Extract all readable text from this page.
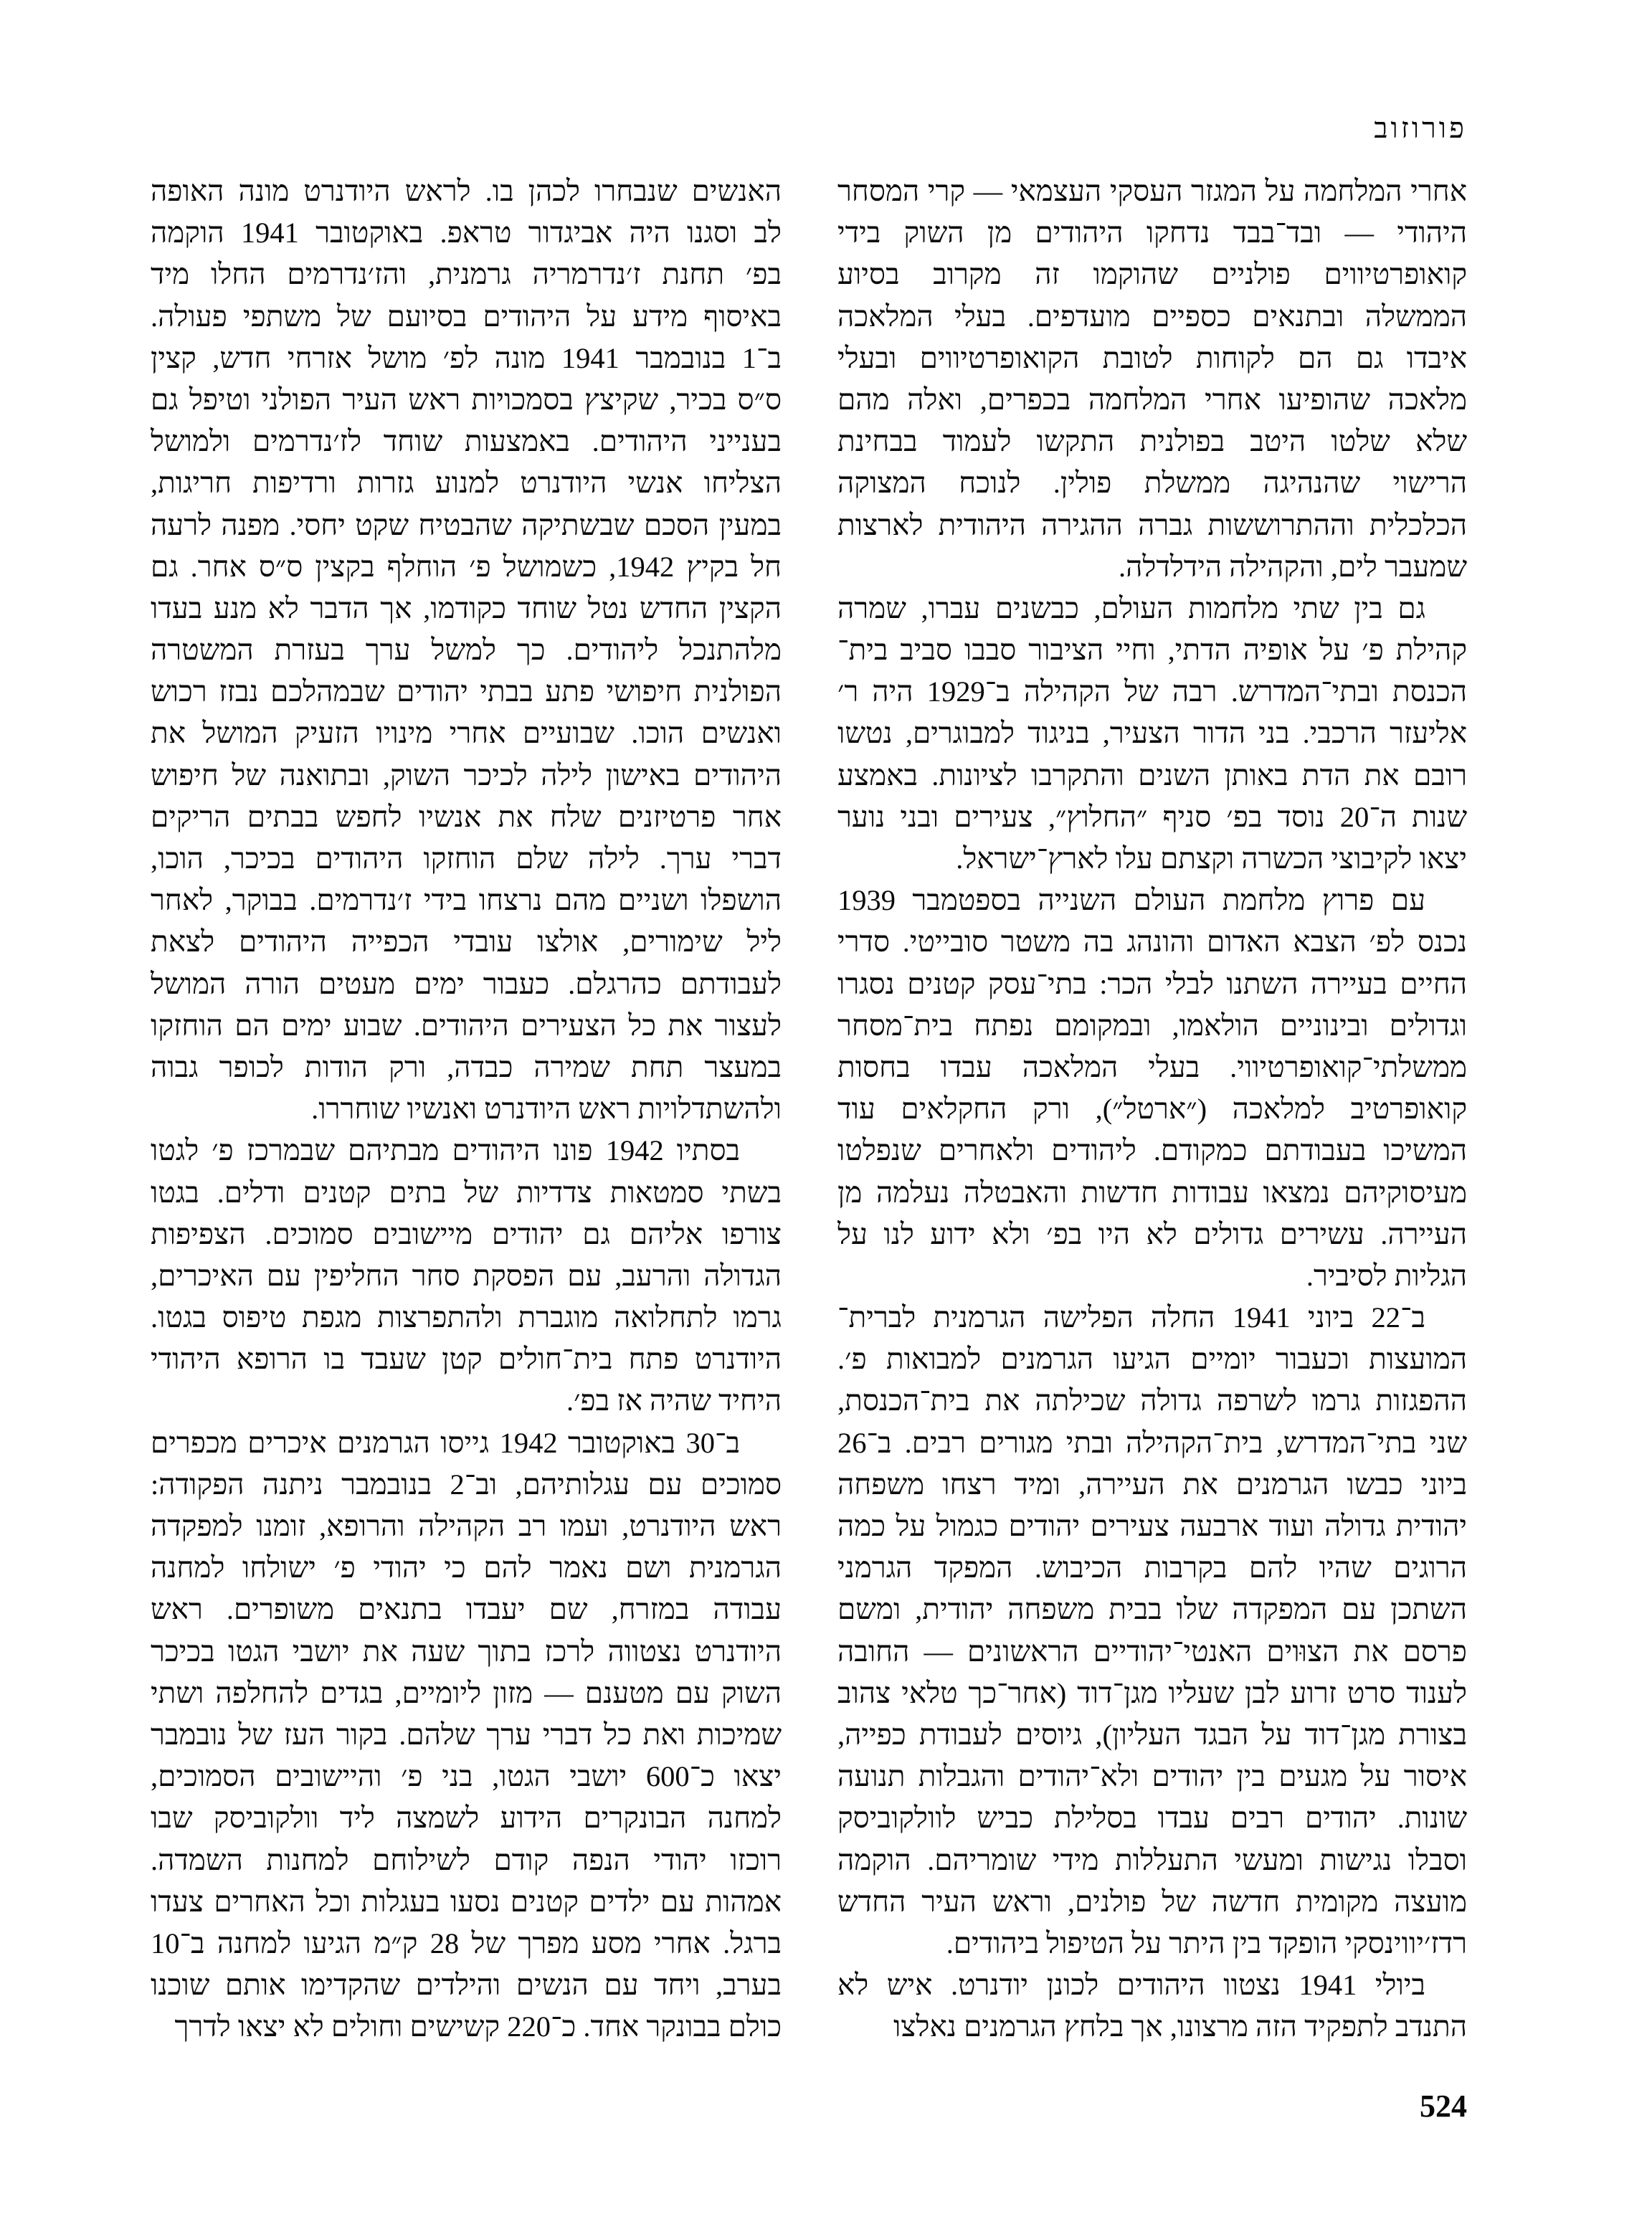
פורוזוב
אחרי המלחמה על המגזר העסקי העצמאי — קרי המסחר
היהודי — ובד־בבד נדחקו היהודים מן השוק בידי
קואופרטיווים פולניים שהוקמו זה מקרוב בסיוע
הממשלה ובתנאים כספיים מועדפים. בעלי המלאכה
איבדו גם הם לקוחות לטובת הקואופרטיווים ובעלי
מלאכה שהופיעו אחרי המלחמה בכפרים, ואלה מהם
שלא שלטו היטב בפולנית התקשו לעמוד בבחינת
הרישוי שהנהיגה ממשלת פולין. לנוכח המצוקה
הכלכלית וההתרוששות גברה ההגירה היהודית לארצות
שמעבר לים, והקהילה הידלדלה.
גם בין שתי מלחמות העולם, כבשנים עברו, שמרה
קהילת פ׳ על אופיה הדתי, וחיי הציבור סבבו סביב בית־
הכנסת ובתי־המדרש. רבה של הקהילה ב־1929 היה ר׳
אליעזר הרכבי. בני הדור הצעיר, בניגוד למבוגרים, נטשו
רובם את הדת באותן השנים והתקרבו לציונות. באמצע
שנות ה־20 נוסד בפ׳ סניף ״החלוץ״, צעירים ובני נוער
יצאו לקיבוצי הכשרה וקצתם עלו לארץ־ישראל.
עם פרוץ מלחמת העולם השנייה בספטמבר 1939
נכנס לפ׳ הצבא האדום והונהג בה משטר סובייטי. סדרי
החיים בעיירה השתנו לבלי הכר: בתי־עסק קטנים נסגרו
וגדולים ובינוניים הולאמו, ובמקומם נפתח בית־מסחר
ממשלתי־קואופרטיווי. בעלי המלאכה עבדו בחסות
קואופרטיב למלאכה (״ארטל״), ורק החקלאים עוד
המשיכו בעבודתם כמקודם. ליהודים ולאחרים שנפלטו
מעיסוקיהם נמצאו עבודות חדשות והאבטלה נעלמה מן
העיירה. עשירים גדולים לא היו בפ׳ ולא ידוע לנו על
הגליות לסיביר.
ב־22 ביוני 1941 החלה הפלישה הגרמנית לברית־
המועצות וכעבור יומיים הגיעו הגרמנים למבואות פ׳.
ההפגזות גרמו לשרפה גדולה שכילתה את בית־הכנסת,
שני בתי־המדרש, בית־הקהילה ובתי מגורים רבים. ב־26
ביוני כבשו הגרמנים את העיירה, ומיד רצחו משפחה
יהודית גדולה ועוד ארבעה צעירים יהודים כגמול על כמה
הרוגים שהיו להם בקרבות הכיבוש. המפקד הגרמני
השתכן עם המפקדה שלו בבית משפחה יהודית, ומשם
פרסם את הצוּוים האנטי־יהודיים הראשונים — החובה
לענוד סרט זרוע לבן שעליו מגן־דוד (אחר־כך טלאי צהוב
בצורת מגן־דוד על הבגד העליון), גיוסים לעבודת כפייה,
איסור על מגעים בין יהודים ולא־יהודים והגבלות תנועה
שונות. יהודים רבים עבדו בסלילת כביש לוולקוביסק
וסבלו נגישות ומעשי התעללות מידי שומריהם. הוקמה
מועצה מקומית חדשה של פולנים, וראש העיר החדש
רדז׳יווינסקי הופקד בין היתר על הטיפול ביהודים.
ביולי 1941 נצטוו היהודים לכונן יודנרט. איש לא
התנדב לתפקיד הזה מרצונו, אך בלחץ הגרמנים נאלצו
האנשים שנבחרו לכהן בו. לראש היודנרט מונה האופה
לב וסגנו היה אביגדור טראפ. באוקטובר 1941 הוקמה
בפ׳ תחנת ז׳נדרמריה גרמנית, והז׳נדרמים החלו מיד
באיסוף מידע על היהודים בסיועם של משתפי פעולה.
ב־1 בנובמבר 1941 מונה לפ׳ מושל אזרחי חדש, קצין
ס״ס בכיר, שקיצץ בסמכויות ראש העיר הפולני וטיפל גם
בענייני היהודים. באמצעות שוחד לז׳נדרמים ולמושל
הצליחו אנשי היודנרט למנוע גזרות ורדיפות חריגות,
במעין הסכם שבשתיקה שהבטיח שקט יחסי. מפנה לרעה
חל בקיץ 1942, כשמושל פ׳ הוחלף בקצין ס״ס אחר. גם
הקצין החדש נטל שוחד כקודמו, אך הדבר לא מנע בעדו
מלהתנכל ליהודים. כך למשל ערך בעזרת המשטרה
הפולנית חיפושי פתע בבתי יהודים שבמהלכם נבזז רכוש
ואנשים הוכו. שבועיים אחרי מינויו הזעיק המושל את
היהודים באישון לילה לכיכר השוק, ובתואנה של חיפוש
אחר פרטיזנים שלח את אנשיו לחפש בבתים הריקים
דברי ערך. לילה שלם הוחזקו היהודים בכיכר, הוכו,
הושפלו ושניים מהם נרצחו בידי ז׳נדרמים. בבוקר, לאחר
ליל שימורים, אולצו עובדי הכפייה היהודים לצאת
לעבודתם כהרגלם. כעבור ימים מעטים הורה המושל
לעצור את כל הצעירים היהודים. שבוע ימים הם הוחזקו
במעצר תחת שמירה כבדה, ורק הודות לכופר גבוה
ולהשתדלויות ראש היודנרט ואנשיו שוחררו.
בסתיו 1942 פונו היהודים מבתיהם שבמרכז פ׳ לגטו
בשתי סמטאות צדדיות של בתים קטנים ודלים. בגטו
צורפו אליהם גם יהודים מיישובים סמוכים. הצפיפות
הגדולה והרעב, עם הפסקת סחר החליפין עם האיכרים,
גרמו לתחלואה מוגברת ולהתפרצות מגפת טיפוס בגטו.
היודנרט פתח בית־חולים קטן שעבד בו הרופא היהודי
היחיד שהיה אז בפ׳.
ב־30 באוקטובר 1942 גייסו הגרמנים איכרים מכפרים
סמוכים עם עגלותיהם, וב־2 בנובמבר ניתנה הפקודה:
ראש היודנרט, ועמו רב הקהילה והרופא, זומנו למפקדה
הגרמנית ושם נאמר להם כי יהודי פ׳ ישולחו למחנה
עבודה במזרח, שם יעבדו בתנאים משופרים. ראש
היודנרט נצטווה לרכז בתוך שעה את יושבי הגטו בכיכר
השוק עם מטענם — מזון ליומיים, בגדים להחלפה ושתי
שמיכות ואת כל דברי ערך שלהם. בקור העז של נובמבר
יצאו כ־600 יושבי הגטו, בני פ׳ והיישובים הסמוכים,
למחנה הבונקרים הידוע לשמצה ליד וולקוביסק שבו
רוכזו יהודי הנפה קודם לשילוחם למחנות השמדה.
אמהות עם ילדים קטנים נסעו בעגלות וכל האחרים צעדו
ברגל. אחרי מסע מפרך של 28 ק״מ הגיעו למחנה ב־10
בערב, ויחד עם הנשים והילדים שהקדימו אותם שוכנו
כולם בבונקר אחד. כ־220 קשישים וחולים לא יצאו לדרך
524
